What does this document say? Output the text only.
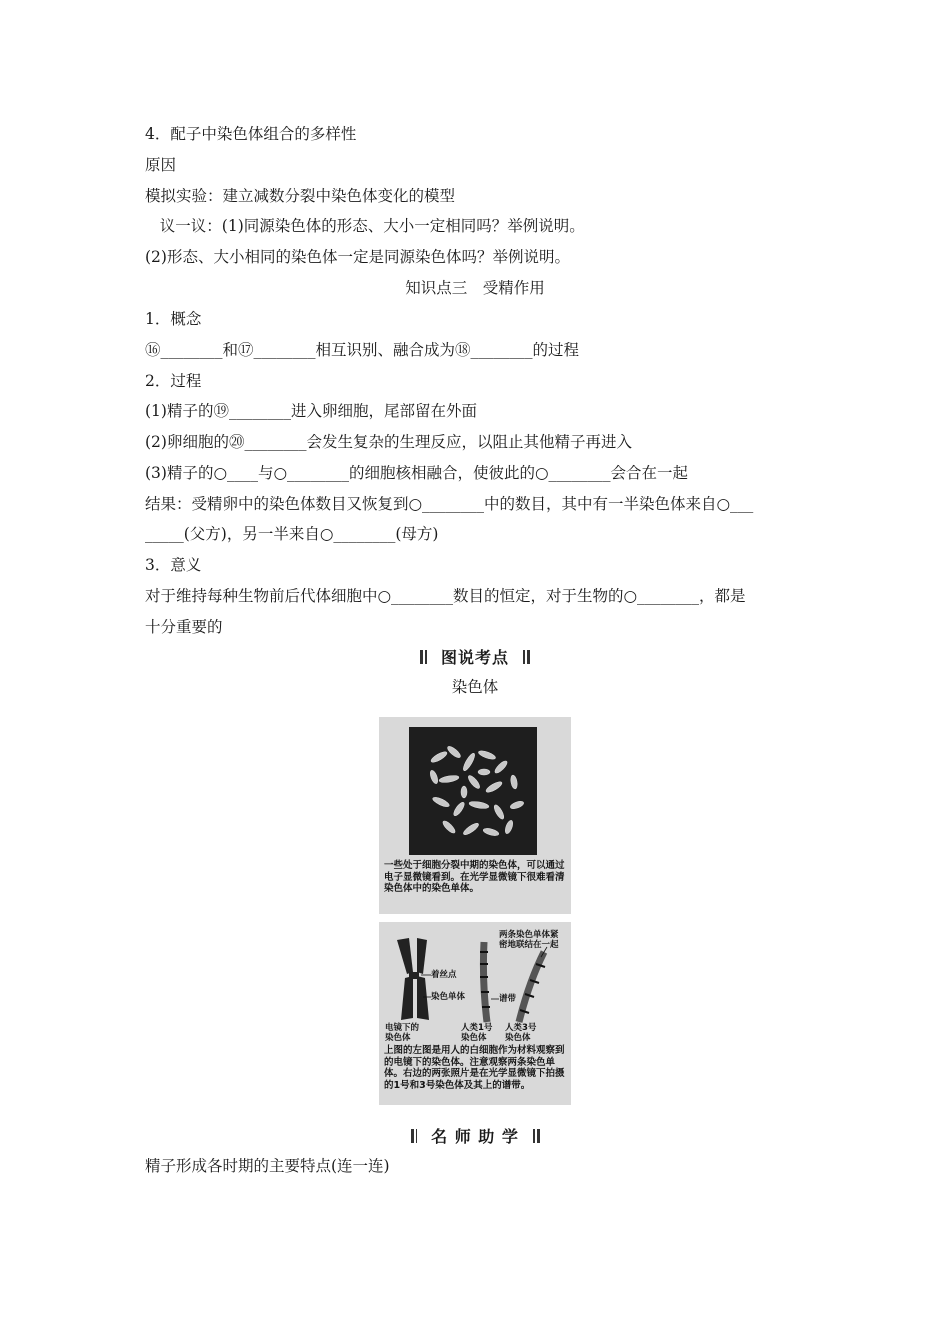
4．配子中染色体组合的多样性
原因
模拟实验：建立减数分裂中染色体变化的模型
议一议：(1)同源染色体的形态、大小一定相同吗？举例说明。
(2)形态、大小相同的染色体一定是同源染色体吗？举例说明。
知识点三　受精作用
1．概念
⑯________和⑰________相互识别、融合成为⑱________的过程
2．过程
(1)精子的⑲________进入卵细胞，尾部留在外面
(2)卵细胞的⑳________会发生复杂的生理反应，以阻止其他精子再进入
(3)精子的○____与○________的细胞核相融合，使彼此的○________会合在一起
结果：受精卵中的染色体数目又恢复到○________中的数目，其中有一半染色体来自○___
_____(父方)，另一半来自○________(母方)
3．意义
对于维持每种生物前后代体细胞中○________数目的恒定，对于生物的○________，都是
十分重要的
图说考点
染色体
一些处于细胞分裂中期的染色体，可以通过电子显微镜看到。在光学显微镜下很难看清染色体中的染色单体。
两条染色单体紧
密地联结在一起
着丝点
染色单体	谱带
电镜下的
染色体
人类1号
染色体
人类3号
染色体
上图的左图是用人的白细胞作为材料观察到的电镜下的染色体。注意观察两条染色单体。右边的两张照片是在光学显微镜下拍摄的1号和3号染色体及其上的谱带。
名 师 助 学
精子形成各时期的主要特点(连一连)
